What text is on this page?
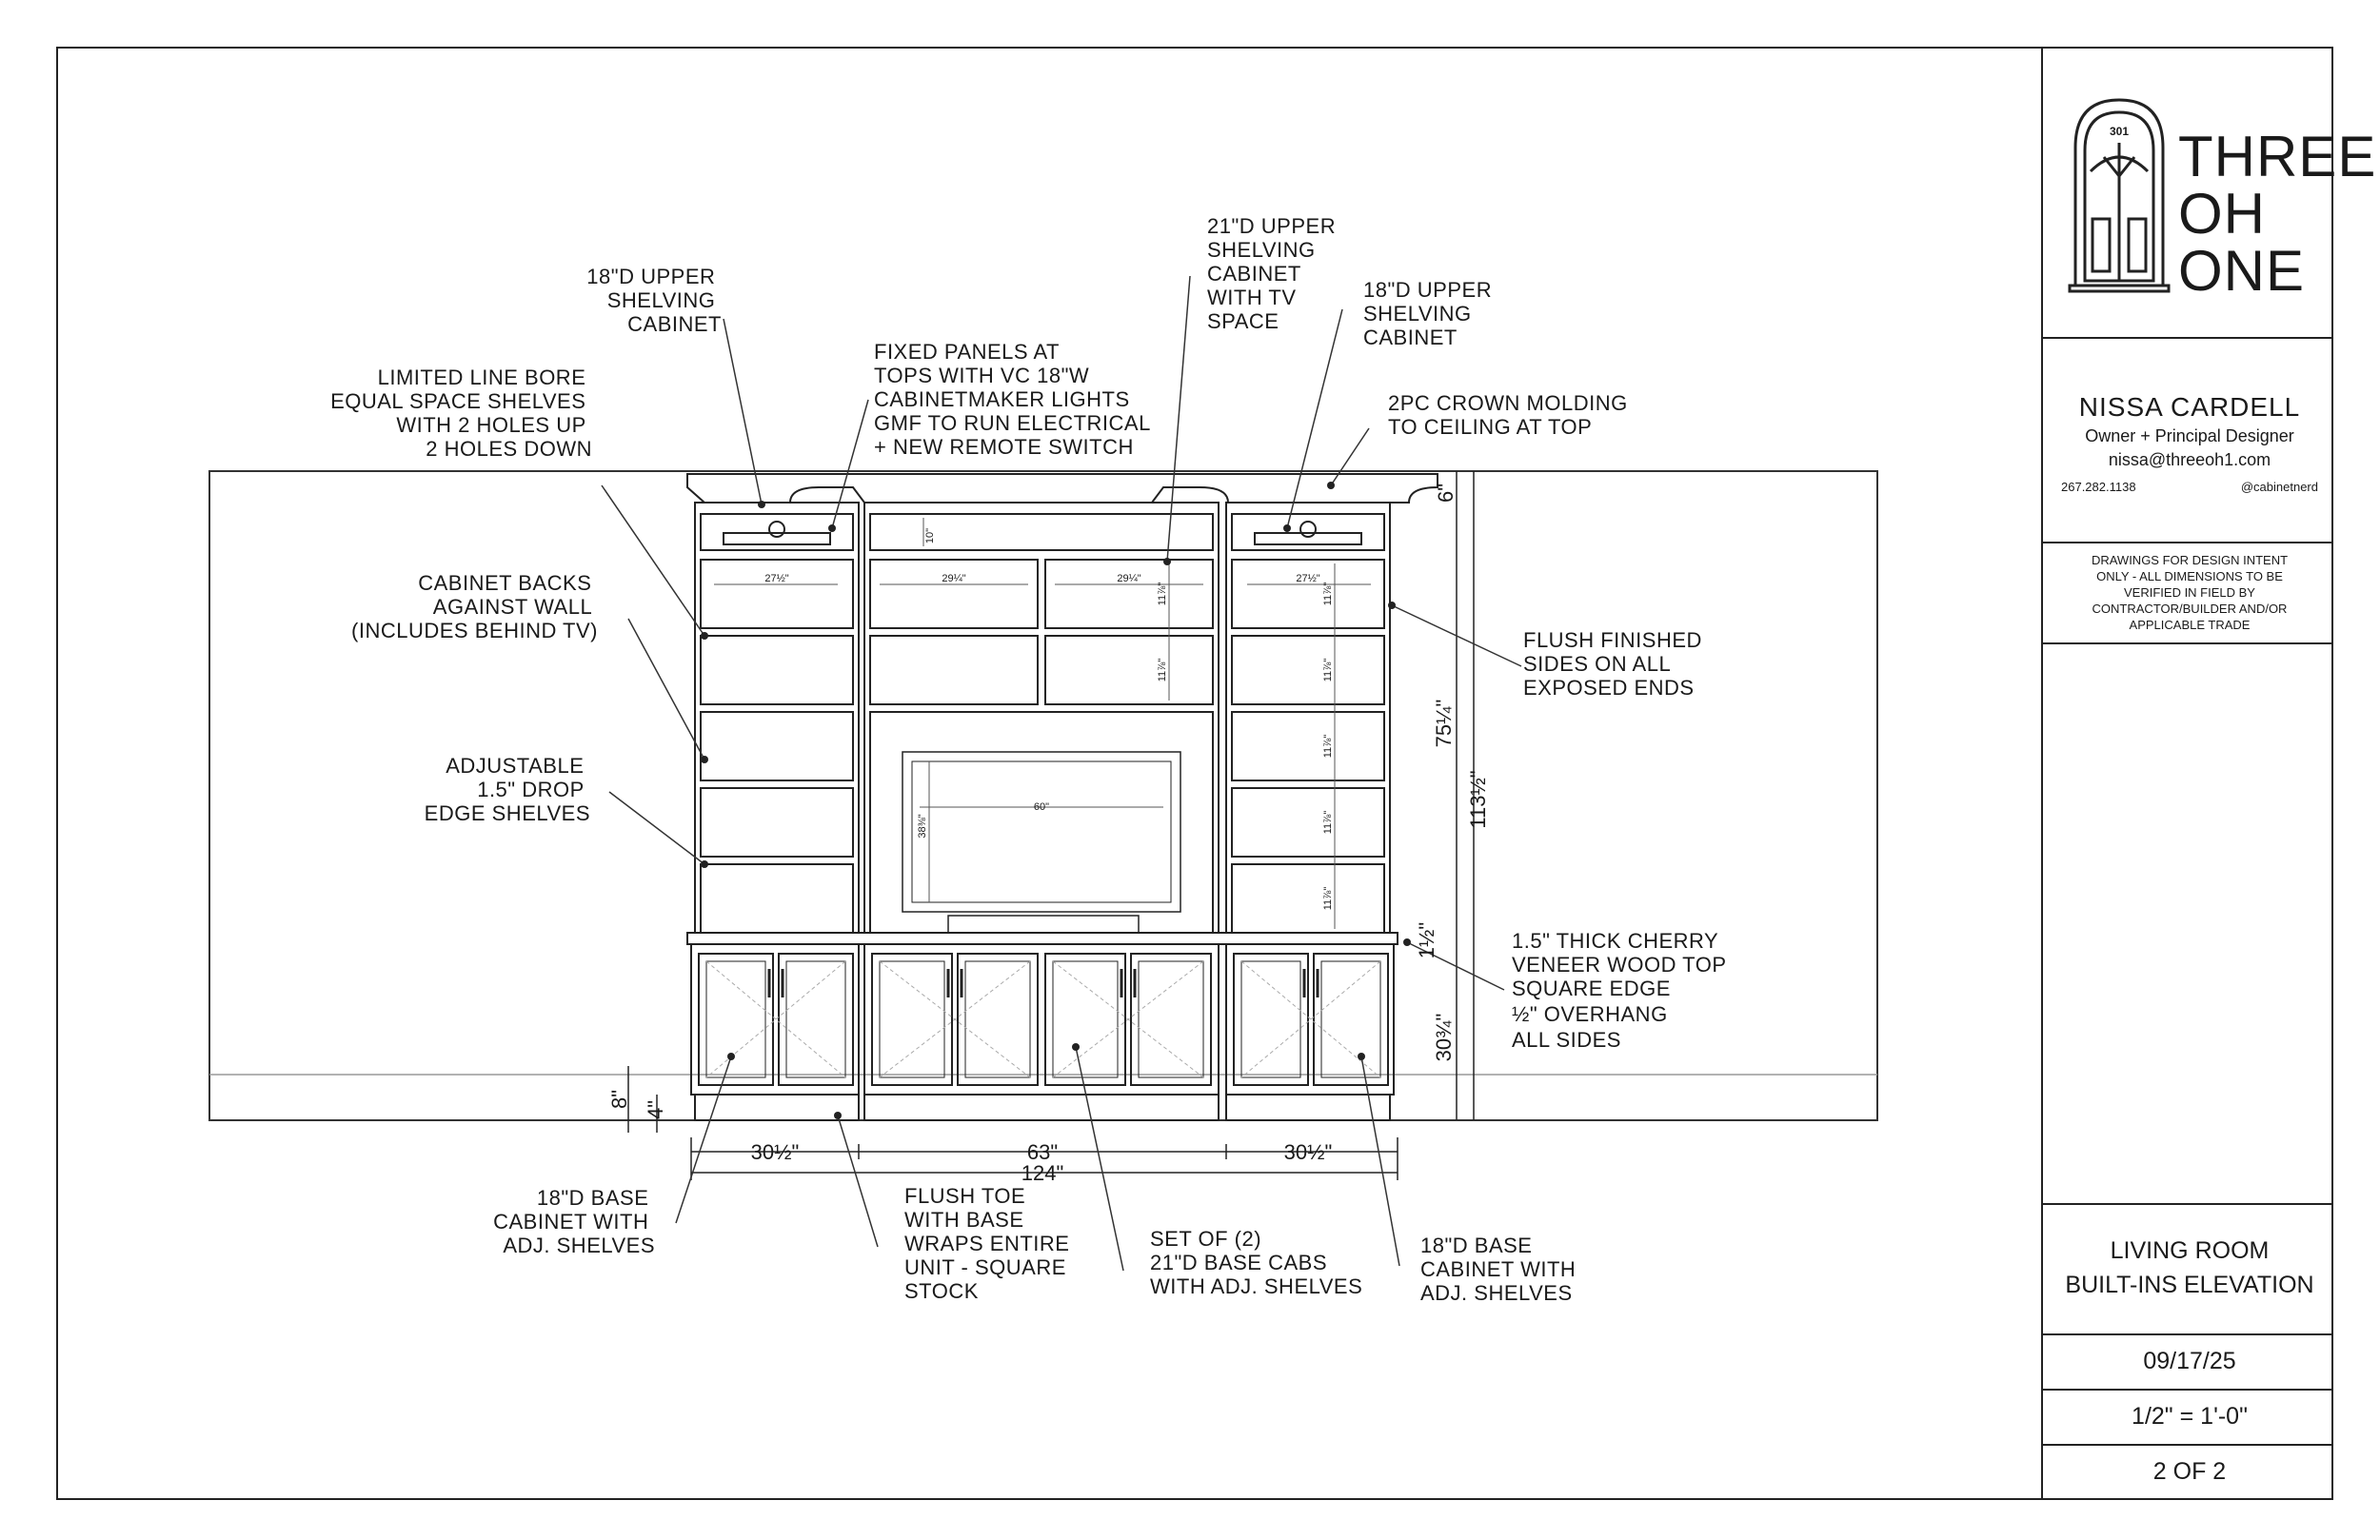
301
18"D UPPER SHELVING CABINET
LIMITED LINE BORE EQUAL SPACE SHELVES WITH 2 HOLES UP 2 HOLES DOWN
FIXED PANELS AT TOPS WITH VC 18"W CABINETMAKER LIGHTS GMF TO RUN ELECTRICAL + NEW REMOTE SWITCH
21"D UPPER SHELVING CABINET WITH TV SPACE
18"D UPPER SHELVING CABINET
2PC CROWN MOLDING TO CEILING AT TOP
CABINET BACKS AGAINST WALL (INCLUDES BEHIND TV)	FLUSH FINISHED SIDES ON ALL EXPOSED ENDS
ADJUSTABLE 1.5" DROP EDGE SHELVES
1.5" THICK CHERRY VENEER WOOD TOP SQUARE EDGE ½" OVERHANG ALL SIDES
18"D BASE CABINET WITH ADJ. SHELVES
FLUSH TOE WITH BASE WRAPS ENTIRE UNIT - SQUARE STOCK
SET OF (2) 21"D BASE CABS WITH ADJ. SHELVES
18"D BASE CABINET WITH ADJ. SHELVES
30½"	63"	30½"
124"
6"
75¼"
113½"
1½"
30¾"
4"
8"
10"
27½"	29¼"	29¼"	27½"
11⅞"
11⅞"
11⅞"
11⅞"
11⅞"
11⅞"
11⅞"
60"
38⅜"
THREE
OH
ONE
NISSA CARDELL
Owner + Principal Designer
nissa@threeoh1.com
267.282.1138	@cabinetnerd
DRAWINGS FOR DESIGN INTENT
ONLY - ALL DIMENSIONS TO BE
VERIFIED IN FIELD BY
CONTRACTOR/BUILDER AND/OR
APPLICABLE TRADE
LIVING ROOM
BUILT-INS ELEVATION
09/17/25
1/2" = 1'-0"
2 OF 2
